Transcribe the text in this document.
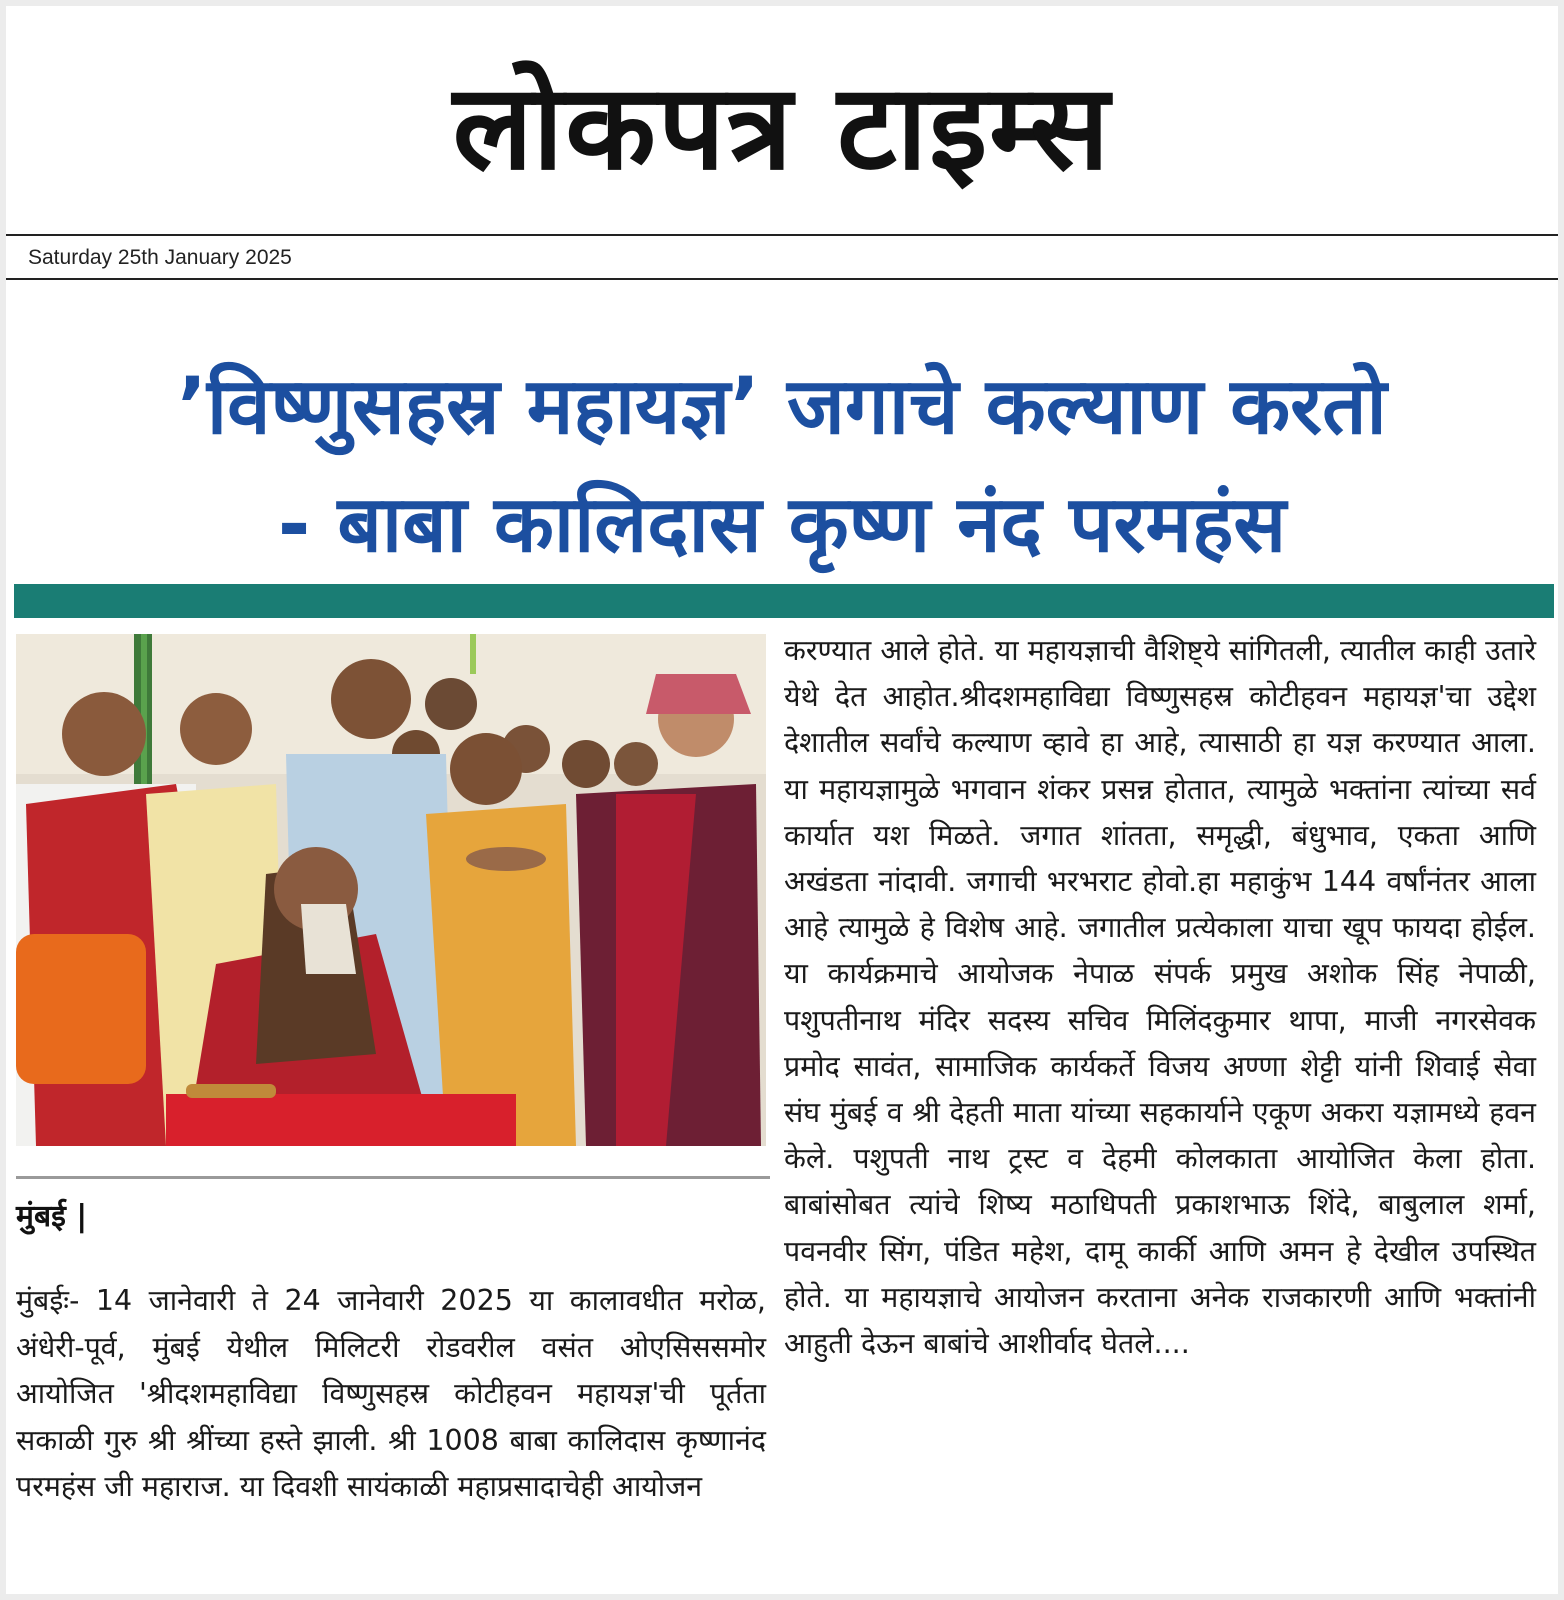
लोकपत्र टाइम्स
Saturday 25th January 2025
’विष्णुसहस्र महायज्ञ’ जगाचे कल्याण करतो
- बाबा कालिदास कृष्ण नंद परमहंस
मुंबई |
मुंबईः- 14 जानेवारी ते 24 जानेवारी 2025 या कालावधीत मरोळ, अंधेरी-पूर्व, मुंबई येथील मिलिटरी रोडवरील वसंत ओएसिससमोर आयोजित 'श्रीदशमहाविद्या विष्णुसहस्र कोटीहवन महायज्ञ'ची पूर्तता सकाळी गुरु श्री श्रींच्या हस्ते झाली. श्री 1008 बाबा कालिदास कृष्णानंद परमहंस जी महाराज. या दिवशी सायंकाळी महाप्रसादाचेही आयोजन
करण्यात आले होते. या महायज्ञाची वैशिष्ट्ये सांगितली, त्यातील काही उतारे येथे देत आहोत.श्रीदशमहाविद्या विष्णुसहस्र कोटीहवन महायज्ञ'चा उद्देश देशातील सर्वांचे कल्याण व्हावे हा आहे, त्यासाठी हा यज्ञ करण्यात आला. या महायज्ञामुळे भगवान शंकर प्रसन्न होतात, त्यामुळे भक्तांना त्यांच्या सर्व कार्यात यश मिळते. जगात शांतता, समृद्धी, बंधुभाव, एकता आणि अखंडता नांदावी. जगाची भरभराट होवो.हा महाकुंभ 144 वर्षांनंतर आला आहे त्यामुळे हे विशेष आहे. जगातील प्रत्येकाला याचा खूप फायदा होईल. या कार्यक्रमाचे आयोजक नेपाळ संपर्क प्रमुख अशोक सिंह नेपाळी, पशुपतीनाथ मंदिर सदस्य सचिव मिलिंदकुमार थापा, माजी नगरसेवक प्रमोद सावंत, सामाजिक कार्यकर्ते विजय अण्णा शेट्टी यांनी शिवाई सेवा संघ मुंबई व श्री देहती माता यांच्या सहकार्याने एकूण अकरा यज्ञामध्ये हवन केले. पशुपती नाथ ट्रस्ट व देहमी कोलकाता आयोजित केला होता. बाबांसोबत त्यांचे शिष्य मठाधिपती प्रकाशभाऊ शिंदे, बाबुलाल शर्मा, पवनवीर सिंग, पंडित महेश, दामू कार्की आणि अमन हे देखील उपस्थित होते. या महायज्ञाचे आयोजन करताना अनेक राजकारणी आणि भक्तांनी आहुती देऊन बाबांचे आशीर्वाद घेतले....
